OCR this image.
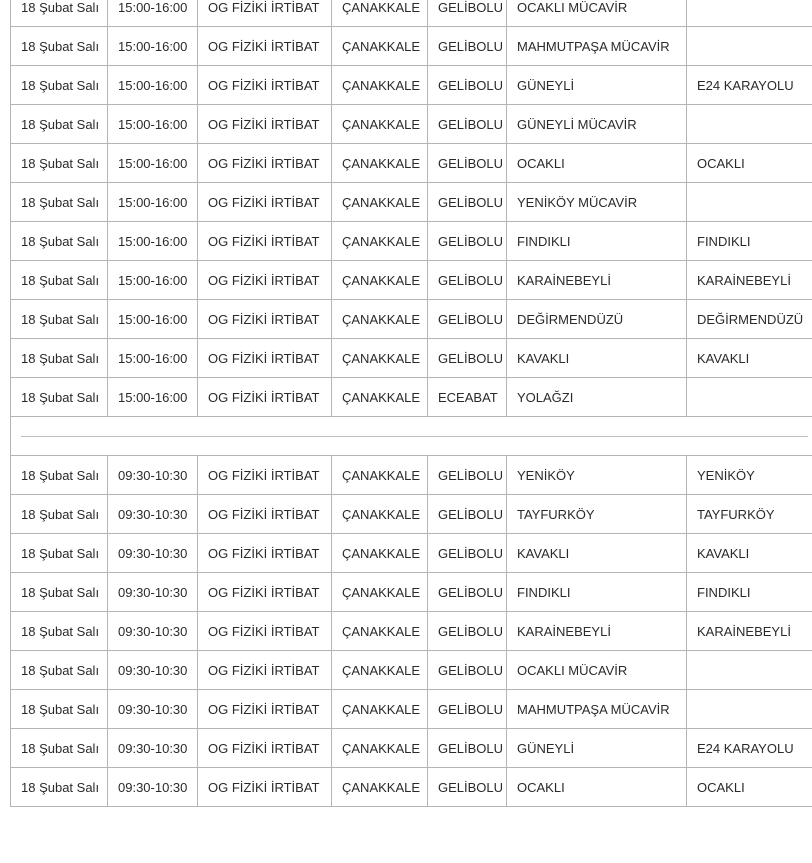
18 Şubat Salı	15:00-16:00	OG FİZİKİ İRTİBAT	ÇANAKKALE	GELİBOLU	OCAKLI MÜCAVİR	
18 Şubat Salı	15:00-16:00	OG FİZİKİ İRTİBAT	ÇANAKKALE	GELİBOLU	MAHMUTPAŞA MÜCAVİR	
18 Şubat Salı	15:00-16:00	OG FİZİKİ İRTİBAT	ÇANAKKALE	GELİBOLU	GÜNEYLİ	E24 KARAYOLU
18 Şubat Salı	15:00-16:00	OG FİZİKİ İRTİBAT	ÇANAKKALE	GELİBOLU	GÜNEYLİ MÜCAVİR	
18 Şubat Salı	15:00-16:00	OG FİZİKİ İRTİBAT	ÇANAKKALE	GELİBOLU	OCAKLI	OCAKLI
18 Şubat Salı	15:00-16:00	OG FİZİKİ İRTİBAT	ÇANAKKALE	GELİBOLU	YENİKÖY MÜCAVİR	
18 Şubat Salı	15:00-16:00	OG FİZİKİ İRTİBAT	ÇANAKKALE	GELİBOLU	FINDIKLI	FINDIKLI
18 Şubat Salı	15:00-16:00	OG FİZİKİ İRTİBAT	ÇANAKKALE	GELİBOLU	KARAİNEBEYLİ	KARAİNEBEYLİ
18 Şubat Salı	15:00-16:00	OG FİZİKİ İRTİBAT	ÇANAKKALE	GELİBOLU	DEĞİRMENDÜZÜ	DEĞİRMENDÜZÜ
18 Şubat Salı	15:00-16:00	OG FİZİKİ İRTİBAT	ÇANAKKALE	GELİBOLU	KAVAKLI	KAVAKLI
18 Şubat Salı	15:00-16:00	OG FİZİKİ İRTİBAT	ÇANAKKALE	ECEABAT	YOLAĞZI	

18 Şubat Salı	09:30-10:30	OG FİZİKİ İRTİBAT	ÇANAKKALE	GELİBOLU	YENİKÖY	YENİKÖY
18 Şubat Salı	09:30-10:30	OG FİZİKİ İRTİBAT	ÇANAKKALE	GELİBOLU	TAYFURKÖY	TAYFURKÖY
18 Şubat Salı	09:30-10:30	OG FİZİKİ İRTİBAT	ÇANAKKALE	GELİBOLU	KAVAKLI	KAVAKLI
18 Şubat Salı	09:30-10:30	OG FİZİKİ İRTİBAT	ÇANAKKALE	GELİBOLU	FINDIKLI	FINDIKLI
18 Şubat Salı	09:30-10:30	OG FİZİKİ İRTİBAT	ÇANAKKALE	GELİBOLU	KARAİNEBEYLİ	KARAİNEBEYLİ
18 Şubat Salı	09:30-10:30	OG FİZİKİ İRTİBAT	ÇANAKKALE	GELİBOLU	OCAKLI MÜCAVİR	
18 Şubat Salı	09:30-10:30	OG FİZİKİ İRTİBAT	ÇANAKKALE	GELİBOLU	MAHMUTPAŞA MÜCAVİR	
18 Şubat Salı	09:30-10:30	OG FİZİKİ İRTİBAT	ÇANAKKALE	GELİBOLU	GÜNEYLİ	E24 KARAYOLU
18 Şubat Salı	09:30-10:30	OG FİZİKİ İRTİBAT	ÇANAKKALE	GELİBOLU	OCAKLI	OCAKLI
